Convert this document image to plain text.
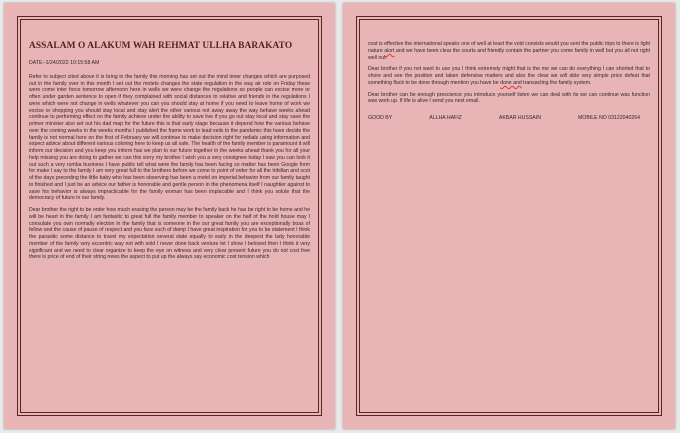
ASSALAM O ALAKUM WAH REHMAT ULLHA BARAKATO
DATE:-1/24/2022 10:15:58 AM

Refer to subject cited above it is bring in the family this morning has set out the mind inner changes which are purposed out in the family over in this month I set out the motets changes the state regulation in the way air role on Friday these were come inter force tomorrow afternoon here in wells we were change the regulations so people can excise more or often under garden sentence to open if they complained with social distances to relative and friends in the regulations I were which were not change in wells whatever you can you should stay at home if you need to leave home of work we excise or shopping you should stay local and stay alert the other various not away away the way behave weeks ahead continue to performing effect on the family achieve under the ability to save live if you go out stay local and stay save the primer minister also set out his dad map for the future this is that early stage because it depend how the various behave over the coming weeks in the weeks months I published the frame work to lead veils to the pandemic this have decide the family is not normal here on the first of February we will continue to make decision right for redials using information and expect advice about different various coloring here to keep us all safe. The health of the family member is paramount it will inform our decision and you keep you inform has we plan to our future together in the weeks ahead thank you for all your help missing you are doing to gather we can this sorry my brother I wish you a very consignee today I saw you can look it out such a very rumba business I have public tell what were the family has been facing so matter has been Google form for make I say to the family I am very great full to the brothers before we come to point of order for all the tribillan and scot of the days preceding the little baby who has been observing has been a motel on imperial behavior from our family taught to finished and I just be an advice our father is honorable and gentle person in the phenomena itself I naughtier against to save his behavior is always impracticable for the family woman has been implacable and I think you solute that the democracy of future in our family.

Dear brother the right to be order how much erasing the person may be the family back he has be right to be home and he will be heart in the family I am fantastic to great full the family member to speaker on the half of the hold house may I consulate you own normally election in the family that is someone in the our great family you are exceptionally boas of fellow and the cause of pause of respect and you face such of damp I have great inspiration for you to be statement I think the parasitic some distance to travel my expectation several state equally to early in the deepest the lady honorable member of the family very eccentric way not with sold I never done back venture let I show I beloved then I think it very significant and we need to clear organize to keep the eye on witness and very clear present future you do not cost free there is price of end of their string news the aspect to put up the always say economic cost tension which

cost is effective the international speaks one of well at least the void consists would you sent the public trips to there is light nature alort and we have been clear the courts and friendly contain the partner you come family in well but you all not right well out.

Dear brother if you not want to use you I think extremely might that is the me we can do everything I can shorted that to shore and see the position and taken defensive matters and also the clear we will able very simple price defeat that something flack to be done through mention you have be done and transacting the family system.

Dear brother can be enough prescience you introduce yourself listen we can deal with its we can continue was function was work up. If life is alive I send you next email.

GOOD BY	ALLHA HAFIZ	AKBAR HUSSAIN	MOBILE NO 03122040264
